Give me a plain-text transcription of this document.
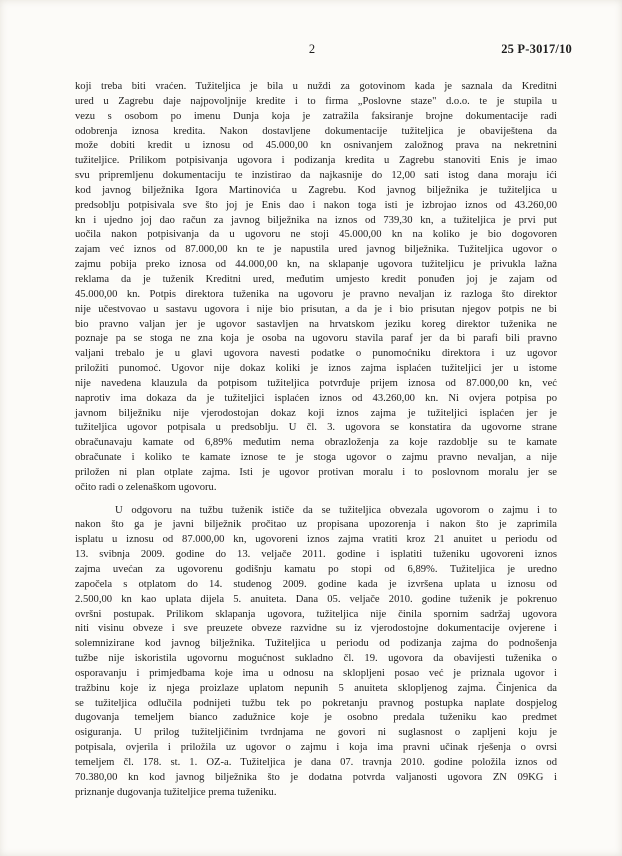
2	25 P-3017/10
koji treba biti vraćen. Tužiteljica je bila u nuždi za gotovinom kada je saznala da Kreditni
ured u Zagrebu daje najpovoljnije kredite i to firma „Poslovne staze" d.o.o. te je stupila u
vezu s osobom po imenu Dunja koja je zatražila faksiranje brojne dokumentacije radi
odobrenja iznosa kredita. Nakon dostavljene dokumentacije tužiteljica je obaviještena da
može dobiti kredit u iznosu od 45.000,00 kn osnivanjem založnog prava na nekretnini
tužiteljice. Prilikom potpisivanja ugovora i podizanja kredita u Zagrebu stanoviti Enis je imao
svu pripremljenu dokumentaciju te inzistirao da najkasnije do 12,00 sati istog dana moraju ići
kod javnog bilježnika Igora Martinovića u Zagrebu. Kod javnog bilježnika je tužiteljica u
predsoblju potpisivala sve što joj je Enis dao i nakon toga isti je izbrojao iznos od 43.260,00
kn i ujedno joj dao račun za javnog bilježnika na iznos od 739,30 kn, a tužiteljica je prvi put
uočila nakon potpisivanja da u ugovoru ne stoji 45.000,00 kn na koliko je bio dogovoren
zajam već iznos od 87.000,00 kn te je napustila ured javnog bilježnika. Tužiteljica ugovor o
zajmu pobija preko iznosa od 44.000,00 kn, na sklapanje ugovora tužiteljicu je privukla lažna
reklama da je tuženik Kreditni ured, međutim umjesto kredit ponuđen joj je zajam od
45.000,00 kn. Potpis direktora tuženika na ugovoru je pravno nevaljan iz razloga što direktor
nije učestvovao u sastavu ugovora i nije bio prisutan, a da je i bio prisutan njegov potpis ne bi
bio pravno valjan jer je ugovor sastavljen na hrvatskom jeziku koreg direktor tuženika ne
poznaje pa se stoga ne zna koja je osoba na ugovoru stavila paraf jer da bi parafi bili pravno
valjani trebalo je u glavi ugovora navesti podatke o punomoćniku direktora i uz ugovor
priložiti punomoć. Ugovor nije dokaz koliki je iznos zajma isplaćen tužiteljici jer u istome
nije navedena klauzula da potpisom tužiteljica potvrđuje prijem iznosa od 87.000,00 kn, već
naprotiv ima dokaza da je tužiteljici isplaćen iznos od 43.260,00 kn. Ni ovjera potpisa po
javnom bilježniku nije vjerodostojan dokaz koji iznos zajma je tužiteljici isplaćen jer je
tužiteljica ugovor potpisala u predsoblju. U čl. 3. ugovora se konstatira da ugovorne strane
obračunavaju kamate od 6,89% međutim nema obrazloženja za koje razdoblje su te kamate
obračunate i koliko te kamate iznose te je stoga ugovor o zajmu pravno nevaljan, a nije
priložen ni plan otplate zajma. Isti je ugovor protivan moralu i to poslovnom moralu jer se
očito radi o zelenaškom ugovoru.
U odgovoru na tužbu tuženik ističe da se tužiteljica obvezala ugovorom o zajmu i to
nakon što ga je javni bilježnik pročitao uz propisana upozorenja i nakon što je zaprimila
isplatu u iznosu od 87.000,00 kn, ugovoreni iznos zajma vratiti kroz 21 anuitet u periodu od
13. svibnja 2009. godine do 13. veljače 2011. godine i isplatiti tuženiku ugovoreni iznos
zajma uvećan za ugovorenu godišnju kamatu po stopi od 6,89%. Tužiteljica je uredno
započela s otplatom do 14. studenog 2009. godine kada je izvršena uplata u iznosu od
2.500,00 kn kao uplata dijela 5. anuiteta. Dana 05. veljače 2010. godine tuženik je pokrenuo
ovršni postupak. Prilikom sklapanja ugovora, tužiteljica nije činila spornim sadržaj ugovora
niti visinu obveze i sve preuzete obveze razvidne su iz vjerodostojne dokumentacije ovjerene i
solemnizirane kod javnog bilježnika. Tužiteljica u periodu od podizanja zajma do podnošenja
tužbe nije iskoristila ugovornu mogućnost sukladno čl. 19. ugovora da obavijesti tuženika o
osporavanju i primjedbama koje ima u odnosu na sklopljeni posao već je priznala ugovor i
tražbinu koje iz njega proizlaze uplatom nepunih 5 anuiteta sklopljenog zajma. Činjenica da
se tužiteljica odlučila podnijeti tužbu tek po pokretanju pravnog postupka naplate dospjelog
dugovanja temeljem bianco zadužnice koje je osobno predala tuženiku kao predmet
osiguranja. U prilog tužiteljičinim tvrdnjama ne govori ni suglasnost o zapljeni koju je
potpisala, ovjerila i priložila uz ugovor o zajmu i koja ima pravni učinak rješenja o ovrsi
temeljem čl. 178. st. 1. OZ-a. Tužiteljica je dana 07. travnja 2010. godine položila iznos od
70.380,00 kn kod javnog bilježnika što je dodatna potvrda valjanosti ugovora ZN 09KG i
priznanje dugovanja tužiteljice prema tuženiku.
